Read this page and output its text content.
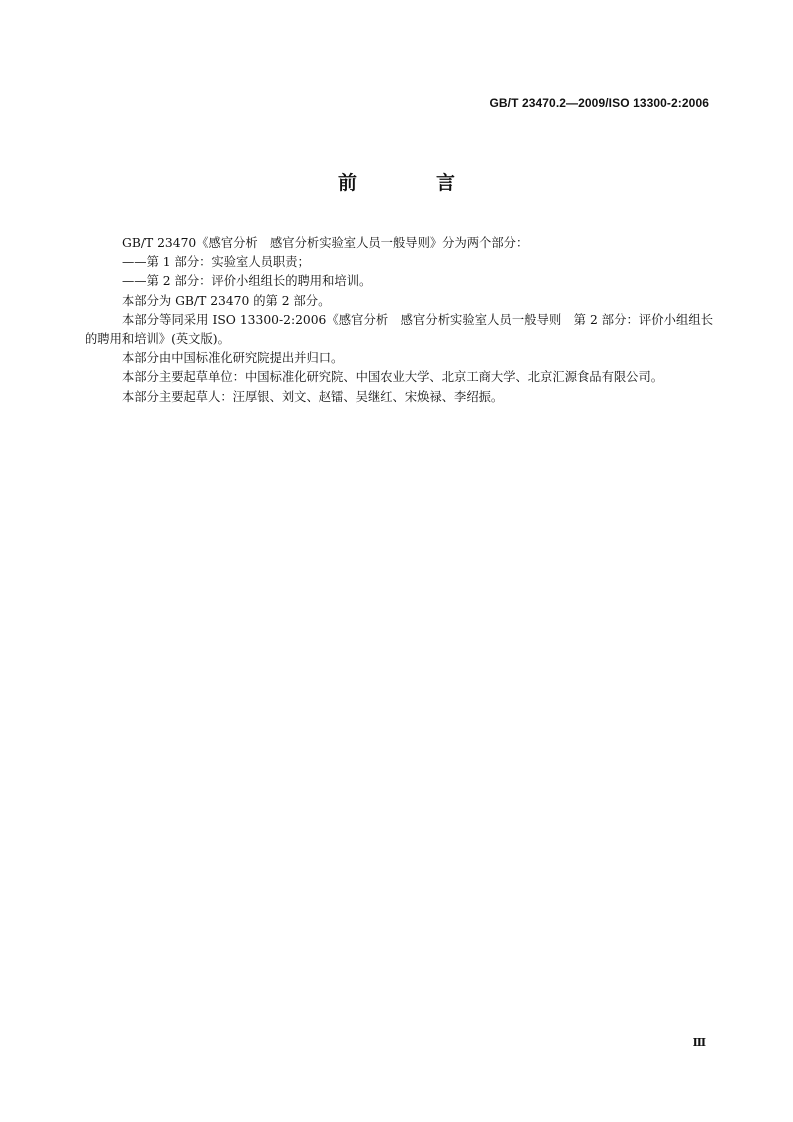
GB/T 23470.2—2009/ISO 13300-2:2006
前　言

GB/T 23470《感官分析　感官分析实验室人员一般导则》分为两个部分：

——第 1 部分：实验室人员职责；

——第 2 部分：评价小组组长的聘用和培训。

本部分为 GB/T 23470 的第 2 部分。

本部分等同采用 ISO 13300-2:2006《感官分析　感官分析实验室人员一般导则　第 2 部分：评价小组组长的聘用和培训》(英文版)。

本部分由中国标准化研究院提出并归口。

本部分主要起草单位：中国标准化研究院、中国农业大学、北京工商大学、北京汇源食品有限公司。

本部分主要起草人：汪厚银、刘文、赵镭、吴继红、宋焕禄、李绍振。

Ⅲ
